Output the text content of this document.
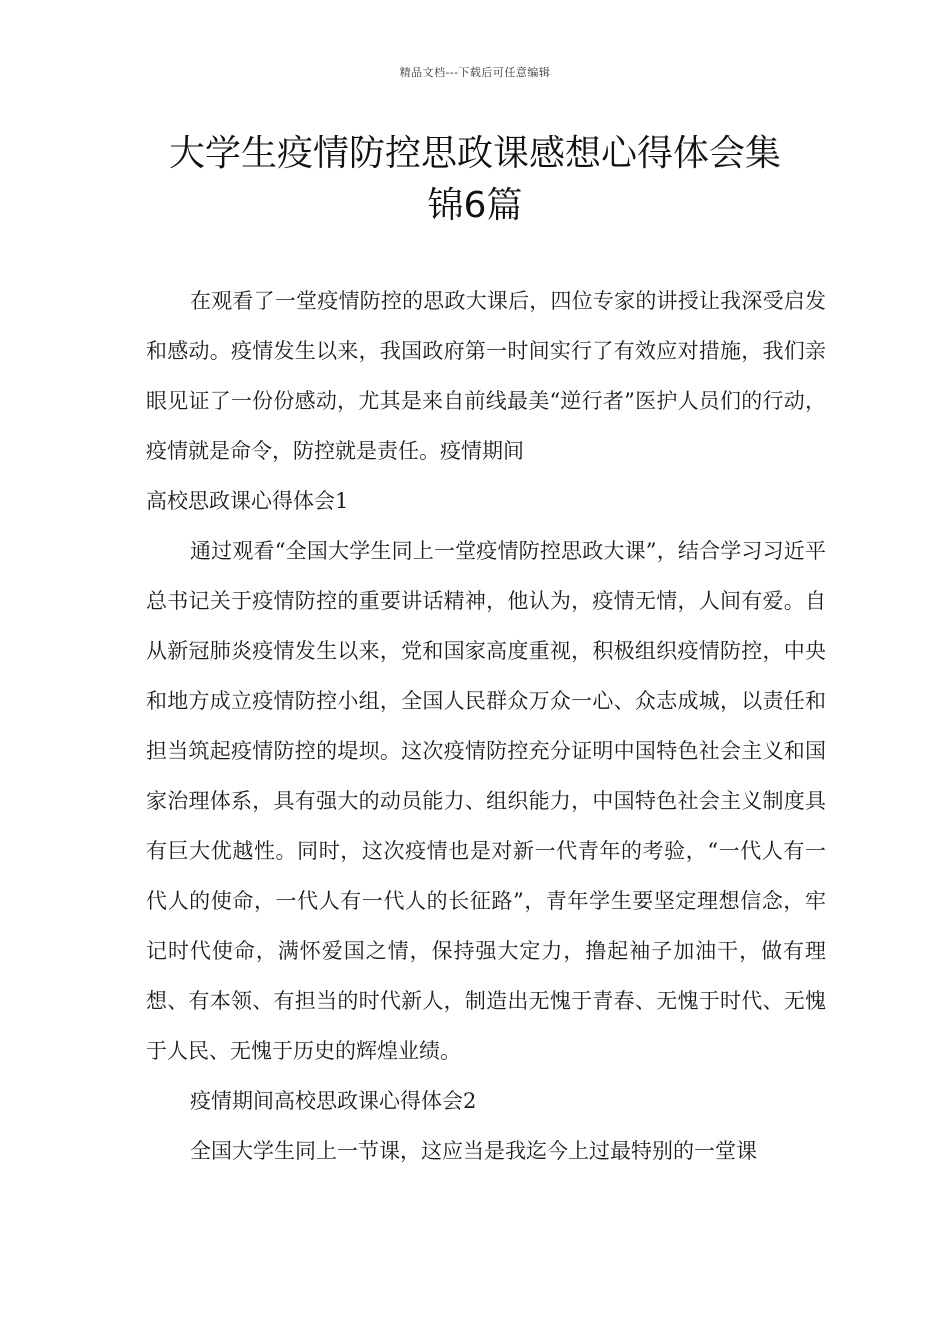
精品文档---下载后可任意编辑
大学生疫情防控思政课感想心得体会集
锦6篇

在观看了一堂疫情防控的思政大课后，四位专家的讲授让我深受启发和感动。疫情发生以来，我国政府第一时间实行了有效应对措施，我们亲眼见证了一份份感动，尤其是来自前线最美“逆行者”医护人员们的行动，疫情就是命令，防控就是责任。疫情期间

高校思政课心得体会1

通过观看“全国大学生同上一堂疫情防控思政大课”，结合学习习近平总书记关于疫情防控的重要讲话精神，他认为，疫情无情，人间有爱。自从新冠肺炎疫情发生以来，党和国家高度重视，积极组织疫情防控，中央和地方成立疫情防控小组，全国人民群众万众一心、众志成城，以责任和担当筑起疫情防控的堤坝。这次疫情防控充分证明中国特色社会主义和国家治理体系，具有强大的动员能力、组织能力，中国特色社会主义制度具有巨大优越性。同时，这次疫情也是对新一代青年的考验，“一代人有一代人的使命，一代人有一代人的长征路”，青年学生要坚定理想信念，牢记时代使命，满怀爱国之情，保持强大定力，撸起袖子加油干，做有理想、有本领、有担当的时代新人，制造出无愧于青春、无愧于时代、无愧于人民、无愧于历史的辉煌业绩。

疫情期间高校思政课心得体会2

全国大学生同上一节课，这应当是我迄今上过最特别的一堂课
